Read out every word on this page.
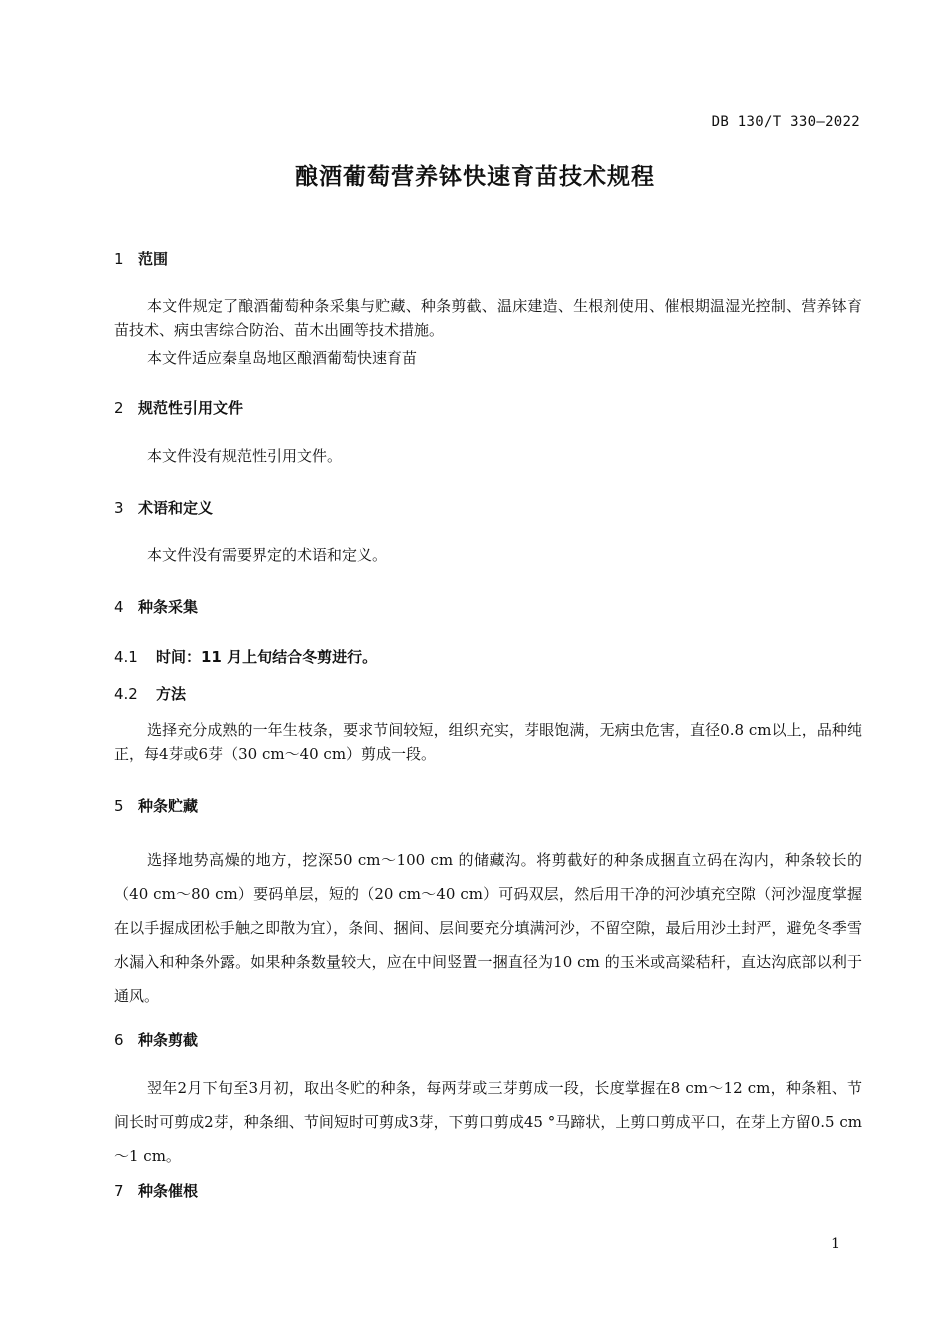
DB 130/T 330—2022
酿酒葡萄营养钵快速育苗技术规程
1 范围
本文件规定了酿酒葡萄种条采集与贮藏、种条剪截、温床建造、生根剂使用、催根期温湿光控制、营养钵育苗技术、病虫害综合防治、苗木出圃等技术措施。
本文件适应秦皇岛地区酿酒葡萄快速育苗
2 规范性引用文件
本文件没有规范性引用文件。
3 术语和定义
本文件没有需要界定的术语和定义。
4 种条采集
4.1 时间：11 月上旬结合冬剪进行。
4.2 方法
选择充分成熟的一年生枝条，要求节间较短，组织充实，芽眼饱满，无病虫危害，直径0.8 cm以上，品种纯正，每4芽或6芽（30 cm～40 cm）剪成一段。
5 种条贮藏
选择地势高燥的地方，挖深50 cm～100 cm 的储藏沟。将剪截好的种条成捆直立码在沟内，种条较长的（40 cm～80 cm）要码单层，短的（20 cm～40 cm）可码双层，然后用干净的河沙填充空隙（河沙湿度掌握在以手握成团松手触之即散为宜），条间、捆间、层间要充分填满河沙，不留空隙，最后用沙土封严，避免冬季雪水漏入和种条外露。如果种条数量较大，应在中间竖置一捆直径为10 cm 的玉米或高粱秸秆，直达沟底部以利于通风。
6 种条剪截
翌年2月下旬至3月初，取出冬贮的种条，每两芽或三芽剪成一段，长度掌握在8 cm～12 cm，种条粗、节间长时可剪成2芽，种条细、节间短时可剪成3芽，下剪口剪成45 °马蹄状，上剪口剪成平口，在芽上方留0.5 cm～1 cm。
7 种条催根
1
